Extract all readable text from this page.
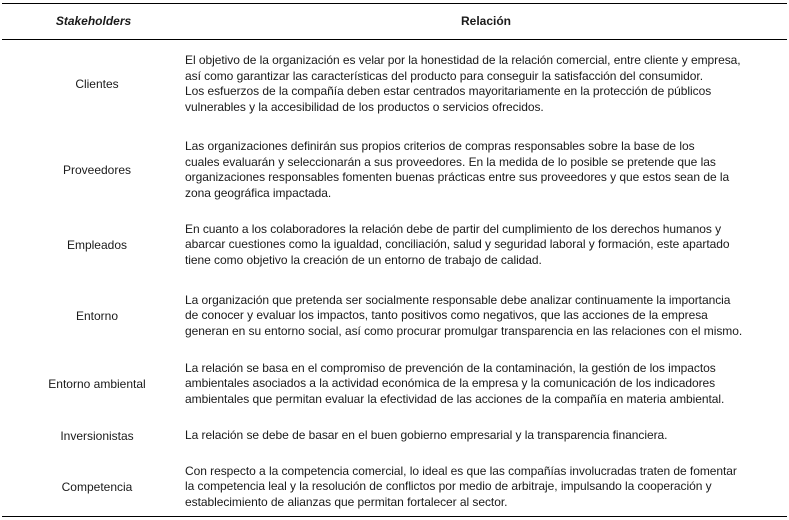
Stakeholders	Relación
Clientes
El objetivo de la organización es velar por la honestidad de la relación comercial, entre cliente y empresa,
así como garantizar las características del producto para conseguir la satisfacción del consumidor.
Los esfuerzos de la compañía deben estar centrados mayoritariamente en la protección de públicos
vulnerables y la accesibilidad de los productos o servicios ofrecidos.
Proveedores
Las organizaciones definirán sus propios criterios de compras responsables sobre la base de los
cuales evaluarán y seleccionarán a sus proveedores. En la medida de lo posible se pretende que las
organizaciones responsables fomenten buenas prácticas entre sus proveedores y que estos sean de la
zona geográfica impactada.
Empleados
En cuanto a los colaboradores la relación debe de partir del cumplimiento de los derechos humanos y
abarcar cuestiones como la igualdad, conciliación, salud y seguridad laboral y formación, este apartado
tiene como objetivo la creación de un entorno de trabajo de calidad.
Entorno
La organización que pretenda ser socialmente responsable debe analizar continuamente la importancia
de conocer y evaluar los impactos, tanto positivos como negativos, que las acciones de la empresa
generan en su entorno social, así como procurar promulgar transparencia en las relaciones con el mismo.
Entorno ambiental
La relación se basa en el compromiso de prevención de la contaminación, la gestión de los impactos
ambientales asociados a la actividad económica de la empresa y la comunicación de los indicadores
ambientales que permitan evaluar la efectividad de las acciones de la compañía en materia ambiental.
Inversionistas	La relación se debe de basar en el buen gobierno empresarial y la transparencia financiera.
Competencia
Con respecto a la competencia comercial, lo ideal es que las compañías involucradas traten de fomentar
la competencia leal y la resolución de conflictos por medio de arbitraje, impulsando la cooperación y
establecimiento de alianzas que permitan fortalecer al sector.
